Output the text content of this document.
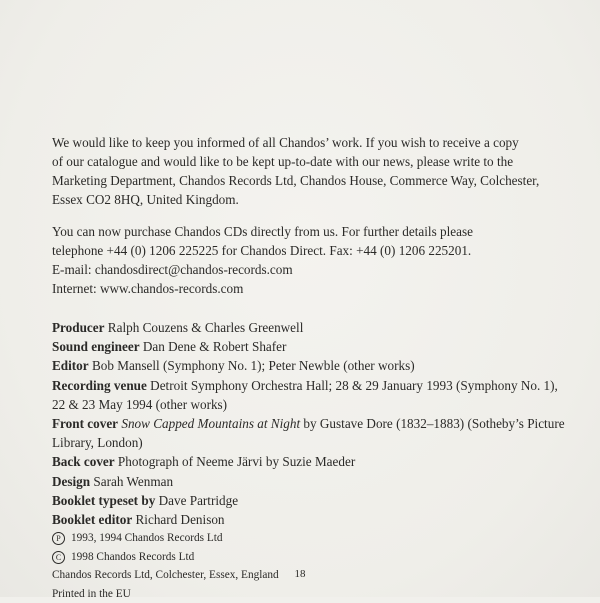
We would like to keep you informed of all Chandos’ work. If you wish to receive a copy

of our catalogue and would like to be kept up-to-date with our news, please write to the

Marketing Department, Chandos Records Ltd, Chandos House, Commerce Way, Colchester,

Essex CO2 8HQ, United Kingdom.

You can now purchase Chandos CDs directly from us. For further details please

telephone +44 (0) 1206 225225 for Chandos Direct. Fax: +44 (0) 1206 225201.

E-mail: chandosdirect@chandos-records.com

Internet: www.chandos-records.com

Producer Ralph Couzens & Charles Greenwell

Sound engineer Dan Dene & Robert Shafer

Editor Bob Mansell (Symphony No. 1); Peter Newble (other works)

Recording venue Detroit Symphony Orchestra Hall; 28 & 29 January 1993 (Symphony No. 1),

22 & 23 May 1994 (other works)

Front cover Snow Capped Mountains at Night by Gustave Dore (1832–1883) (Sotheby’s Picture

Library, London)

Back cover Photograph of Neeme Järvi by Suzie Maeder

Design Sarah Wenman

Booklet typeset by Dave Partridge

Booklet editor Richard Denison

P 1993, 1994 Chandos Records Ltd

C 1998 Chandos Records Ltd

Chandos Records Ltd, Colchester, Essex, England

Printed in the EU

18
